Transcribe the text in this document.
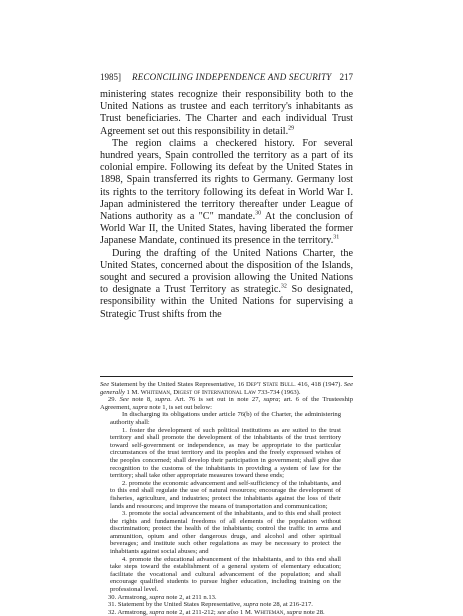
1985] RECONCILING INDEPENDENCE AND SECURITY 217

ministering states recognize their responsibility both to the United Nations as trustee and each territory's inhabitants as Trust beneficiaries. The Charter and each individual Trust Agreement set out this responsibility in detail.$^{29}$

The region claims a checkered history. For several hundred years, Spain controlled the territory as a part of its colonial empire. Following its defeat by the United States in 1898, Spain transferred its rights to Germany. Germany lost its rights to the territory following its defeat in World War I. Japan administered the territory thereafter under League of Nations authority as a "C" mandate.$^{30}$ At the conclusion of World War II, the United States, having liberated the former Japanese Mandate, continued its presence in the territory.$^{31}$

During the drafting of the United Nations Charter, the United States, concerned about the disposition of the Islands, sought and secured a provision allowing the United Nations to designate a Trust Territory as strategic.$^{32}$ So designated, responsibility within the United Nations for supervising a Strategic Trust shifts from the

See Statement by the United States Representative, 16 Dep't State Bull. 416, 418 (1947). See generally 1 M. Whiteman, Digest of International Law 733-734 (1963).

29. See note 8, supra. Art. 76 is set out in note 27, supra; art. 6 of the Trusteeship Agreement, supra note 1, is set out below:

In discharging its obligations under article 76(b) of the Charter, the administering authority shall:

1. foster the development of such political institutions as are suited to the trust territory and shall promote the development of the inhabitants of the trust territory toward self-government or independence, as may be appropriate to the particular circumstances of the trust territory and its peoples and the freely expressed wishes of the peoples concerned; shall develop their participation in government; shall give due recognition to the customs of the inhabitants in providing a system of law for the territory; shall take other appropriate measures toward these ends;

2. promote the economic advancement and self-sufficiency of the inhabitants, and to this end shall regulate the use of natural resources; encourage the development of fisheries, agriculture, and industries; protect the inhabitants against the loss of their lands and resources; and improve the means of transportation and communication;

3. promote the social advancement of the inhabitants, and to this end shall protect the rights and fundamental freedoms of all elements of the population without discrimination; protect the health of the inhabitants; control the traffic in arms and ammunition, opium and other dangerous drugs, and alcohol and other spiritual beverages; and institute such other regulations as may be necessary to protect the inhabitants against social abuses; and

4. promote the educational advancement of the inhabitants, and to this end shall take steps toward the establishment of a general system of elementary education; facilitate the vocational and cultural advancement of the population; and shall encourage qualified students to pursue higher education, including training on the professional level.

30. Armstrong, supra note 2, at 211 n.13.

31. Statement by the United States Representative, supra note 28, at 216-217.

32. Armstrong, supra note 2, at 211-212; see also 1 M. Whiteman, supra note 28.
